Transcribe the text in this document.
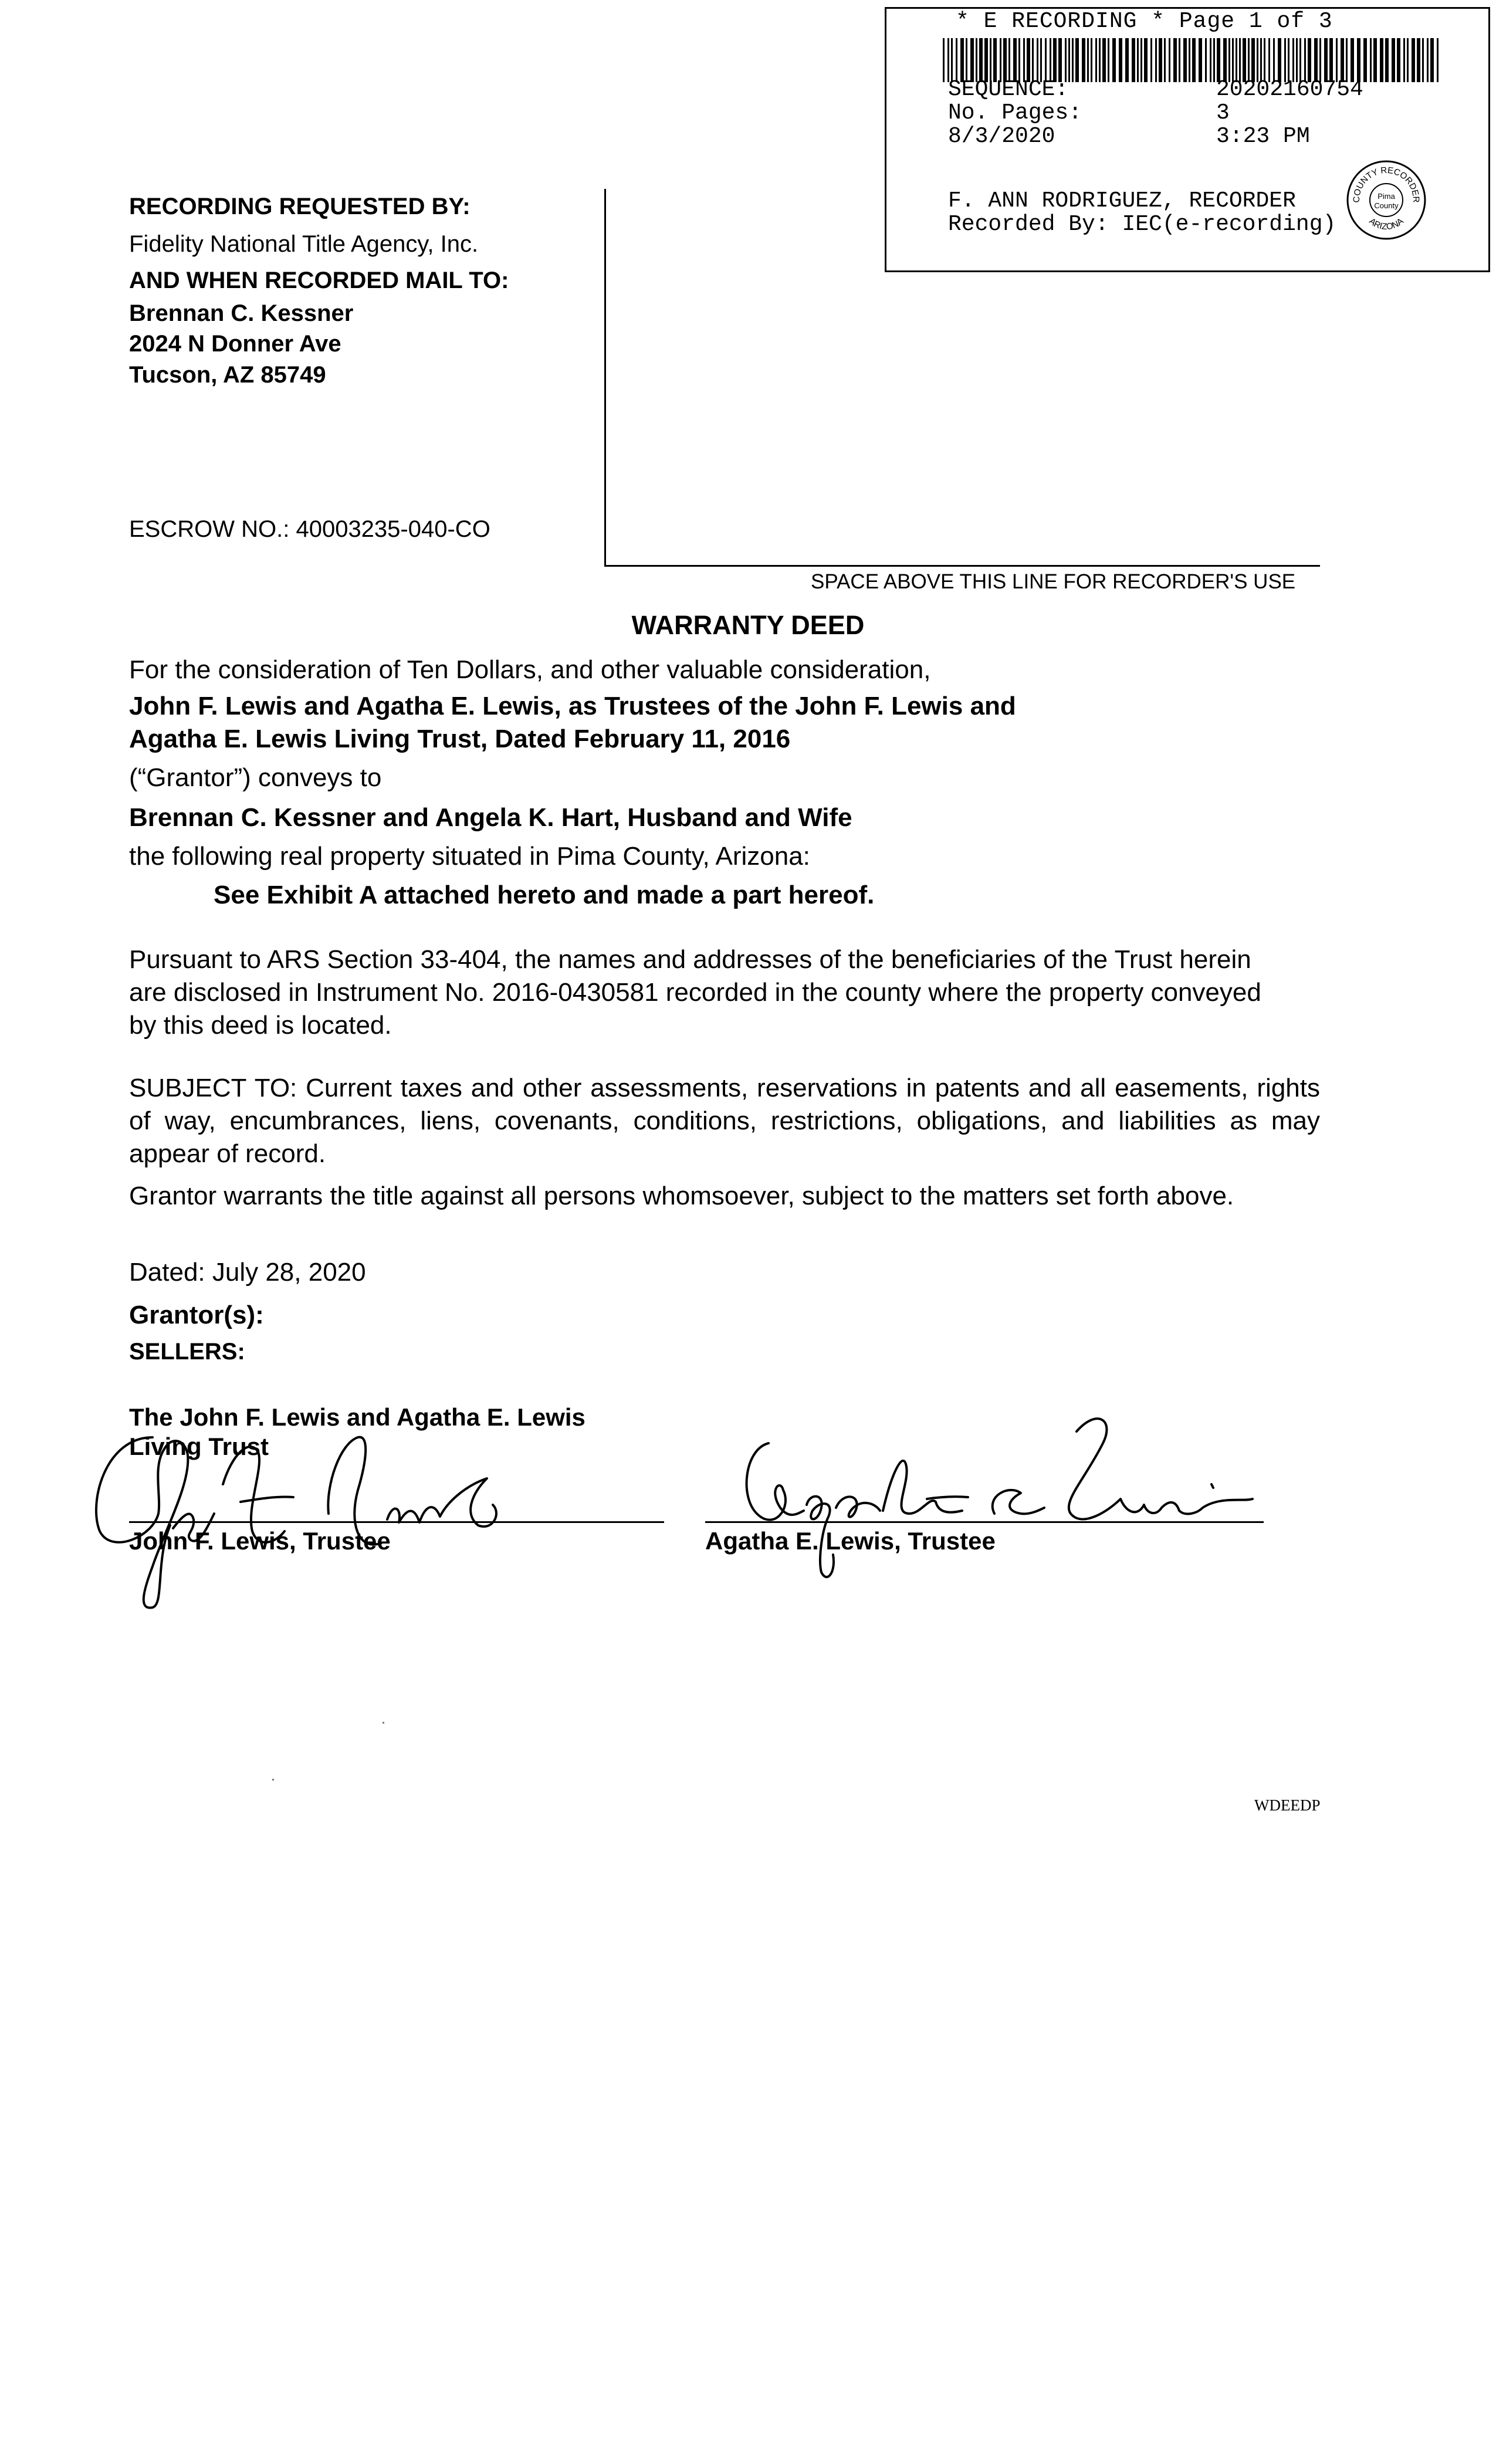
* E RECORDING * Page 1 of 3
SEQUENCE:	20202160754
No. Pages:	3
8/3/2020	3:23 PM
F. ANN RODRIGUEZ, RECORDER
Recorded By: IEC(e-recording)
COUNTY RECORDER
ARIZONA
Pima
County
RECORDING REQUESTED BY:
Fidelity National Title Agency, Inc.
AND WHEN RECORDED MAIL TO:
Brennan C. Kessner
2024 N Donner Ave
Tucson, AZ 85749
ESCROW NO.: 40003235-040-CO
SPACE ABOVE THIS LINE FOR RECORDER'S USE
WARRANTY DEED
For the consideration of Ten Dollars, and other valuable consideration,
John F. Lewis and Agatha E. Lewis, as Trustees of the John F. Lewis and
Agatha E. Lewis Living Trust, Dated February 11, 2016
(“Grantor”) conveys to
Brennan C. Kessner and Angela K. Hart, Husband and Wife
the following real property situated in Pima County, Arizona:
See Exhibit A attached hereto and made a part hereof.
Pursuant to ARS Section 33-404, the names and addresses of the beneficiaries of the Trust herein are disclosed in Instrument No. 2016-0430581 recorded in the county where the property conveyed by this deed is located.
SUBJECT TO: Current taxes and other assessments, reservations in patents and all easements, rights of way, encumbrances, liens, covenants, conditions, restrictions, obligations, and liabilities as may appear of record.
Grantor warrants the title against all persons whomsoever, subject to the matters set forth above.
Dated: July 28, 2020
Grantor(s):
SELLERS:
The John F. Lewis and Agatha E. Lewis
Living Trust
John F. Lewis, Trustee	Agatha E. Lewis, Trustee
WDEEDP
